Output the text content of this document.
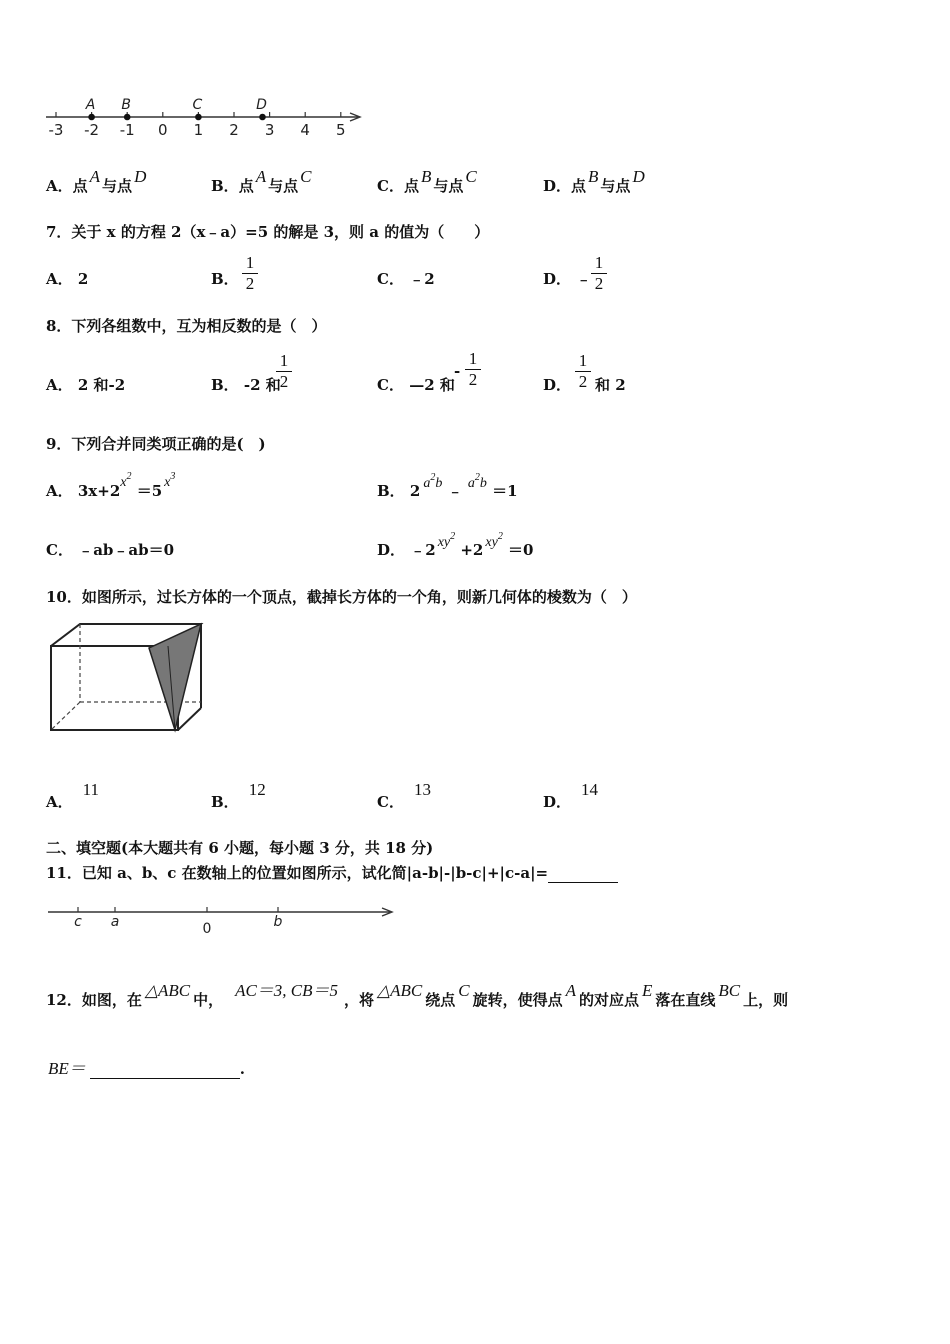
-3 -2 -1 0 1 2 3 4 5
A B	C	D
A．点 A 与点 D	B．点 A 与点 C	C．点 B 与点 C	D．点 B 与点 D
7．关于 x 的方程 2（x﹣a）=5 的解是 3，则 a 的值为（　　）
A． 2	B．
1
2	C． ﹣2	D． ﹣
1
2
8．下列各组数中，互为相反数的是（　）
A． 2 和-2	B． -2 和
1
2	C． —2 和
-
1
2	D．
1
2 和 2
9．下列合并同类项正确的是(　)
A． $3x+2x^2 =5$ $x^3$
B． 2 $a^2b$ ﹣ $a^2b =1$
C． ﹣ab﹣ab＝0	D． ﹣2 $xy^2 +2$ $xy^2 =0$
10．如图所示，过长方体的一个顶点，截掉长方体的一个角，则新几何体的棱数为（　）
A．11
B．12
C．13
D．14
二、填空题(本大题共有 6 小题，每小题 3 分，共 18 分)
11．已知 a、b、c 在数轴上的位置如图所示，试化简|a-b|-|b-c|+|c-a|=
c a	0	b
12．如图，在 △ABC 中， AC＝3, CB＝5 ，将 △ABC 绕点 C 旋转，使得点 A 的对应点 E 落在直线 BC 上，则
BE＝	.
